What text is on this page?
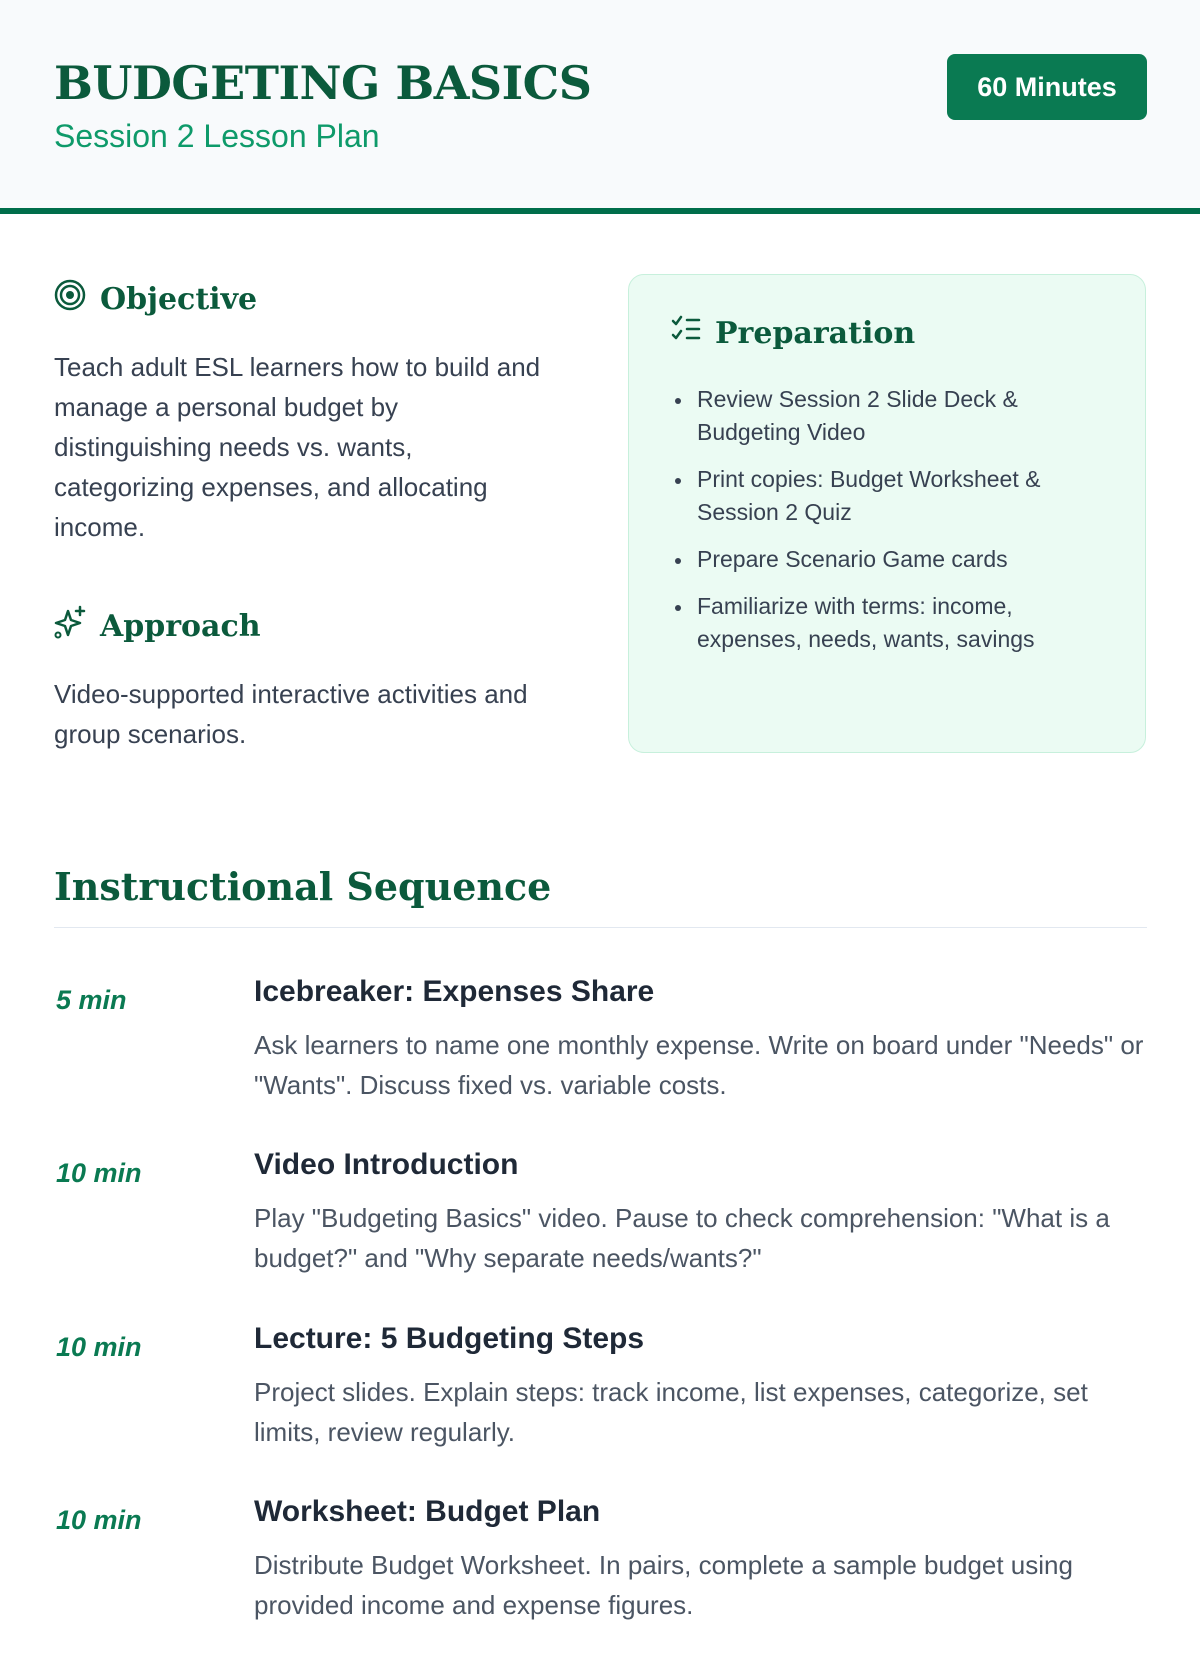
BUDGETING BASICS
Session 2 Lesson Plan
60 Minutes
Objective
Teach adult ESL learners how to build and manage a personal budget by distinguishing needs vs. wants, categorizing expenses, and allocating income.
Approach
Video-supported interactive activities and group scenarios.
Preparation
Review Session 2 Slide Deck & Budgeting Video
Print copies: Budget Worksheet & Session 2 Quiz
Prepare Scenario Game cards
Familiarize with terms: income, expenses, needs, wants, savings
Instructional Sequence
5 min	Icebreaker: Expenses Share
Ask learners to name one monthly expense. Write on board under "Needs" or "Wants". Discuss fixed vs. variable costs.
10 min	Video Introduction
Play "Budgeting Basics" video. Pause to check comprehension: "What is a budget?" and "Why separate needs/wants?"
10 min	Lecture: 5 Budgeting Steps
Project slides. Explain steps: track income, list expenses, categorize, set limits, review regularly.
10 min	Worksheet: Budget Plan
Distribute Budget Worksheet. In pairs, complete a sample budget using provided income and expense figures.
